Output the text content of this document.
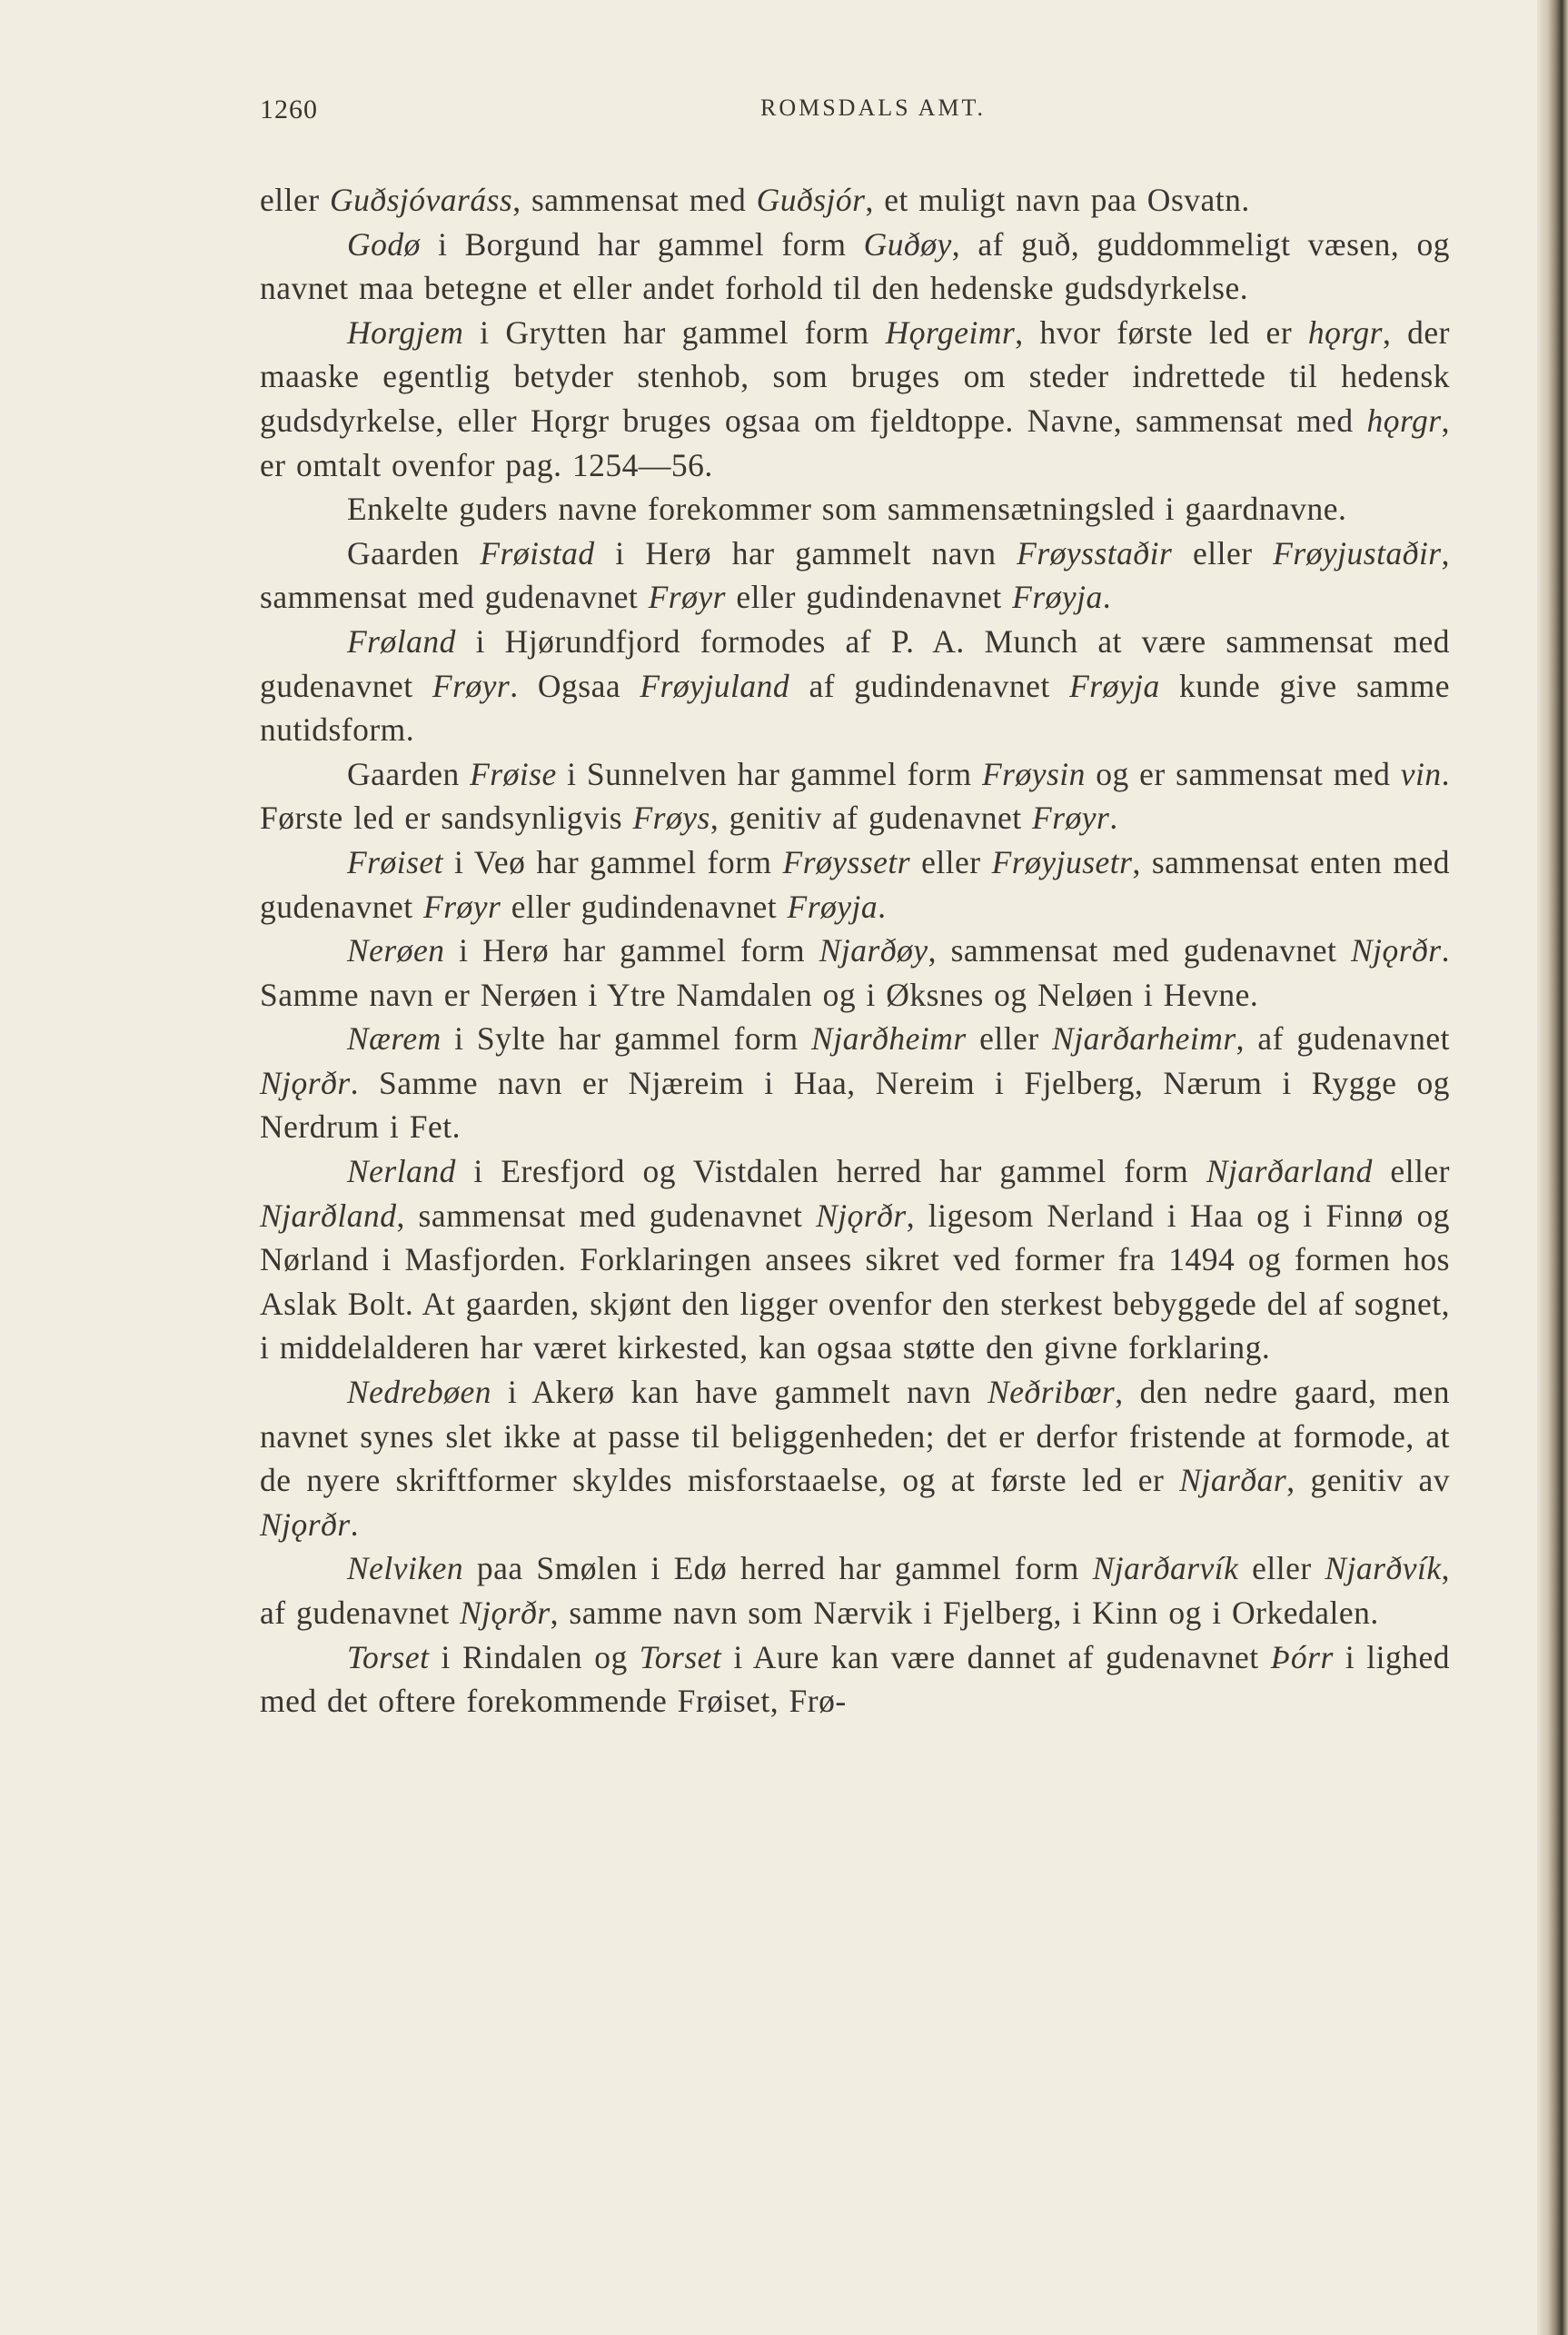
1260	ROMSDALS AMT.

eller Guðsjóvaráss, sammensat med Guðsjór, et muligt navn paa Osvatn.

Godø i Borgund har gammel form Guðøy, af guð, guddommeligt væsen, og navnet maa betegne et eller andet forhold til den hedenske gudsdyrkelse.

Horgjem i Grytten har gammel form Hǫrgeimr, hvor første led er hǫrgr, der maaske egentlig betyder stenhob, som bruges om steder indrettede til hedensk gudsdyrkelse, eller Hǫrgr bruges ogsaa om fjeldtoppe. Navne, sammensat med hǫrgr, er omtalt ovenfor pag. 1254—56.

Enkelte guders navne forekommer som sammensætningsled i gaardnavne.

Gaarden Frøistad i Herø har gammelt navn Frøysstaðir eller Frøyjustaðir, sammensat med gudenavnet Frøyr eller gudindenavnet Frøyja.

Frøland i Hjørundfjord formodes af P. A. Munch at være sammensat med gudenavnet Frøyr. Ogsaa Frøyjuland af gudindenavnet Frøyja kunde give samme nutidsform.

Gaarden Frøise i Sunnelven har gammel form Frøysin og er sammensat med vin. Første led er sandsynligvis Frøys, genitiv af gudenavnet Frøyr.

Frøiset i Veø har gammel form Frøyssetr eller Frøyjusetr, sammensat enten med gudenavnet Frøyr eller gudindenavnet Frøyja.

Nerøen i Herø har gammel form Njarðøy, sammensat med gudenavnet Njǫrðr. Samme navn er Nerøen i Ytre Namdalen og i Øksnes og Neløen i Hevne.

Nærem i Sylte har gammel form Njarðheimr eller Njarðarheimr, af gudenavnet Njǫrðr. Samme navn er Njæreim i Haa, Nereim i Fjelberg, Nærum i Rygge og Nerdrum i Fet.

Nerland i Eresfjord og Vistdalen herred har gammel form Njarðarland eller Njarðland, sammensat med gudenavnet Njǫrðr, ligesom Nerland i Haa og i Finnø og Nørland i Masfjorden. Forklaringen ansees sikret ved former fra 1494 og formen hos Aslak Bolt. At gaarden, skjønt den ligger ovenfor den sterkest bebyggede del af sognet, i middelalderen har været kirkested, kan ogsaa støtte den givne forklaring.

Nedrebøen i Akerø kan have gammelt navn Neðribœr, den nedre gaard, men navnet synes slet ikke at passe til beliggenheden; det er derfor fristende at formode, at de nyere skriftformer skyldes misforstaaelse, og at første led er Njarðar, genitiv av Njǫrðr.

Nelviken paa Smølen i Edø herred har gammel form Njarðarvík eller Njarðvík, af gudenavnet Njǫrðr, samme navn som Nærvik i Fjelberg, i Kinn og i Orkedalen.

Torset i Rindalen og Torset i Aure kan være dannet af gudenavnet Þórr i lighed med det oftere forekommende Frøiset, Frø-
